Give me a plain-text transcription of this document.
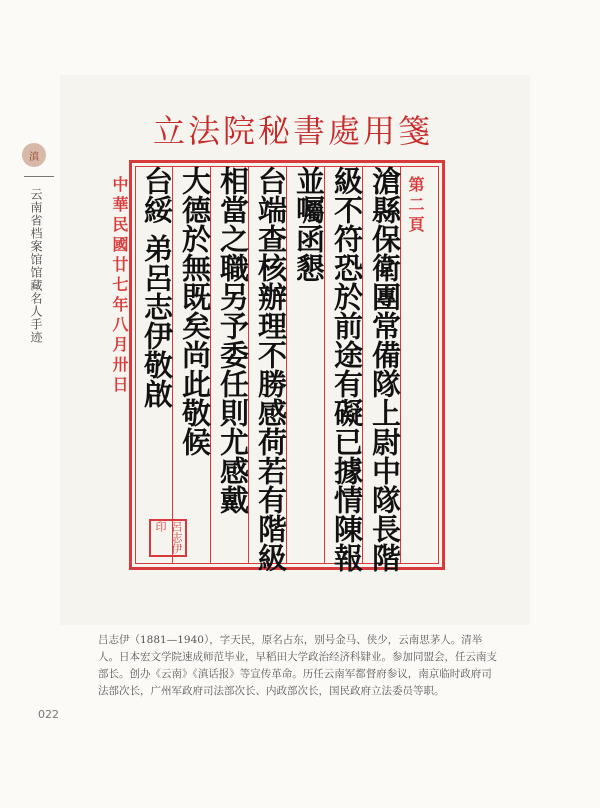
滇
云南省档案馆馆藏名人手迹
立法院秘書處用箋
第二頁
滄縣保衛團常備隊上尉中隊長階
級不符恐於前途有礙已據情陳報
並囑函懇
台端查核辦理不勝感荷若有階級
相當之職另予委任則尤感戴
大德於無既矣尚此敬候
台綏
弟呂志伊敬啟
中華民國廿七年八月卅日
呂志伊印
吕志伊（1881—1940），字天民，原名占东，别号金马、侠少，云南思茅人。清举人。日本宏文学院速成师范毕业，早稻田大学政治经济科肄业。参加同盟会，任云南支部长。创办《云南》《滇话报》等宣传革命。历任云南军都督府参议，南京临时政府司法部次长，广州军政府司法部次长、内政部次长，国民政府立法委员等职。
022
